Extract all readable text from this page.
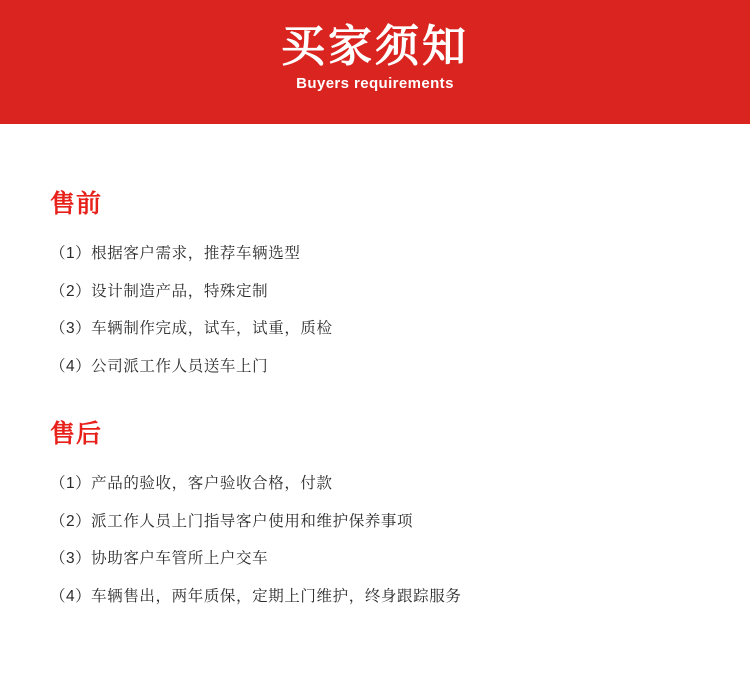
买家须知
Buyers requirements
售前
（1）根据客户需求，推荐车辆选型
（2）设计制造产品，特殊定制
（3）车辆制作完成，试车，试重，质检
（4）公司派工作人员送车上门
售后
（1）产品的验收，客户验收合格，付款
（2）派工作人员上门指导客户使用和维护保养事项
（3）协助客户车管所上户交车
（4）车辆售出，两年质保，定期上门维护，终身跟踪服务
